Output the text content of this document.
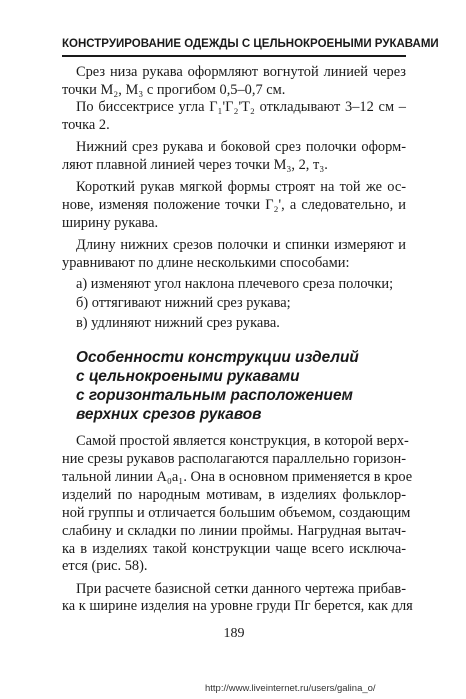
КОНСТРУИРОВАНИЕ ОДЕЖДЫ С ЦЕЛЬНОКРОЕНЫМИ РУКАВАМИ
Срез низа рукава оформляют вогнутой линией через
точки М₂, М₃ с прогибом 0,5–0,7 см.
По биссектрисе угла Г₁'Г₂'Т₂ откладывают 3–12 см –
точка 2.
Нижний срез рукава и боковой срез полочки оформ-
ляют плавной линией через точки М₃, 2, т₃.
Короткий рукав мягкой формы строят на той же ос-
нове, изменяя положение точки Г₂', а следовательно, и
ширину рукава.
Длину нижних срезов полочки и спинки измеряют и
уравнивают по длине несколькими способами:
а) изменяют угол наклона плечевого среза полочки;
б) оттягивают нижний срез рукава;
в) удлиняют нижний срез рукава.
Особенности конструкции изделий
с цельнокроеными рукавами
с горизонтальным расположением
верхних срезов рукавов
Самой простой является конструкция, в которой верх-
ние срезы рукавов располагаются параллельно горизон-
тальной линии А₀а₁. Она в основном применяется в крое
изделий по народным мотивам, в изделиях фольклор-
ной группы и отличается большим объемом, создающим
слабину и складки по линии проймы. Нагрудная вытач-
ка в изделиях такой конструкции чаще всего исключа-
ется (рис. 58).
При расчете базисной сетки данного чертежа прибав-
ка к ширине изделия на уровне груди Пг берется, как для
189
http://www.liveinternet.ru/users/galina_o/
